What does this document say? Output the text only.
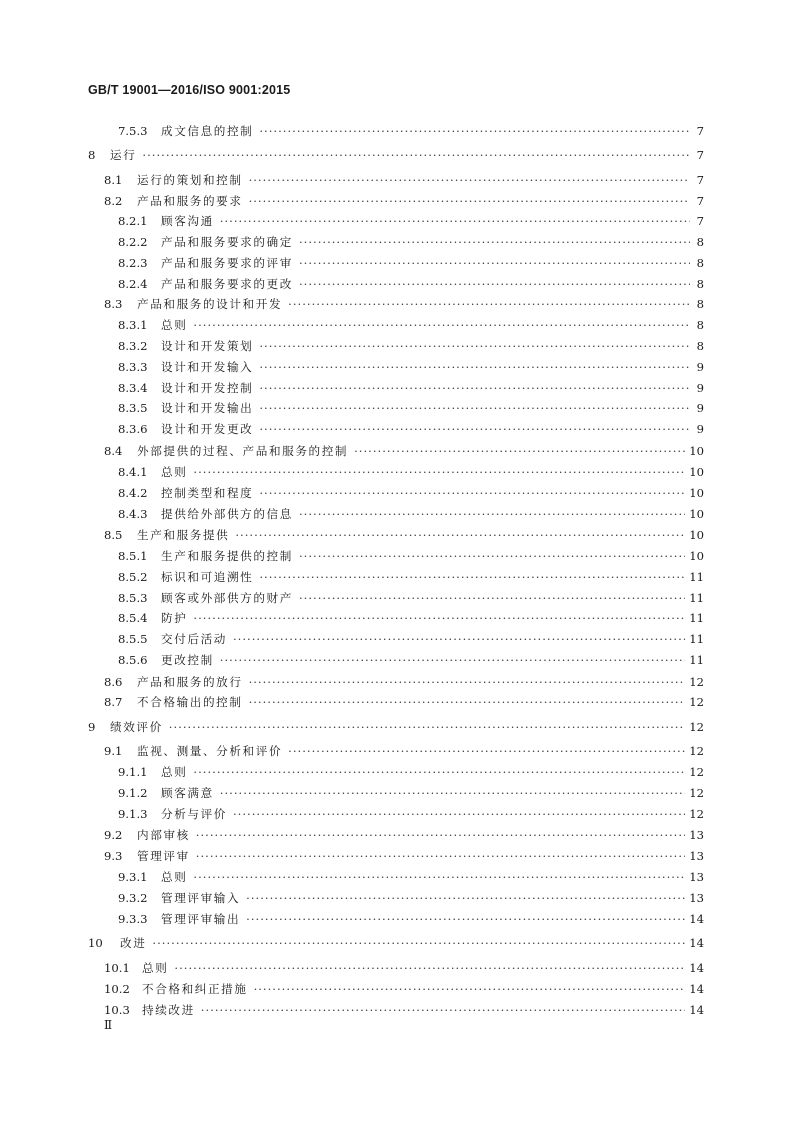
GB/T 19001—2016/ISO 9001:2015
7.5.3	成文信息的控制 ·····	7
8	运行 ·····	7
8.1	运行的策划和控制 ·····	7
8.2	产品和服务的要求 ·····	7
8.2.1	顾客沟通 ·····	7
8.2.2	产品和服务要求的确定 ·····	8
8.2.3	产品和服务要求的评审 ·····	8
8.2.4	产品和服务要求的更改 ·····	8
8.3	产品和服务的设计和开发 ·····	8
8.3.1	总则 ·····	8
8.3.2	设计和开发策划 ·····	8
8.3.3	设计和开发输入 ·····	9
8.3.4	设计和开发控制 ·····	9
8.3.5	设计和开发输出 ·····	9
8.3.6	设计和开发更改 ·····	9
8.4	外部提供的过程、产品和服务的控制 ·····	10
8.4.1	总则 ·····	10
8.4.2	控制类型和程度 ·····	10
8.4.3	提供给外部供方的信息 ·····	10
8.5	生产和服务提供 ·····	10
8.5.1	生产和服务提供的控制 ·····	10
8.5.2	标识和可追溯性 ·····	11
8.5.3	顾客或外部供方的财产 ·····	11
8.5.4	防护 ·····	11
8.5.5	交付后活动 ·····	11
8.5.6	更改控制 ·····	11
8.6	产品和服务的放行 ·····	12
8.7	不合格输出的控制 ·····	12
9	绩效评价 ·····	12
9.1	监视、测量、分析和评价 ·····	12
9.1.1	总则 ·····	12
9.1.2	顾客满意 ·····	12
9.1.3	分析与评价 ·····	12
9.2	内部审核 ·····	13
9.3	管理评审 ·····	13
9.3.1	总则 ·····	13
9.3.2	管理评审输入 ·····	13
9.3.3	管理评审输出 ·····	14
10	改进 ·····	14
10.1	总则 ·····	14
10.2	不合格和纠正措施 ·····	14
10.3	持续改进 ·····	14
Ⅱ
